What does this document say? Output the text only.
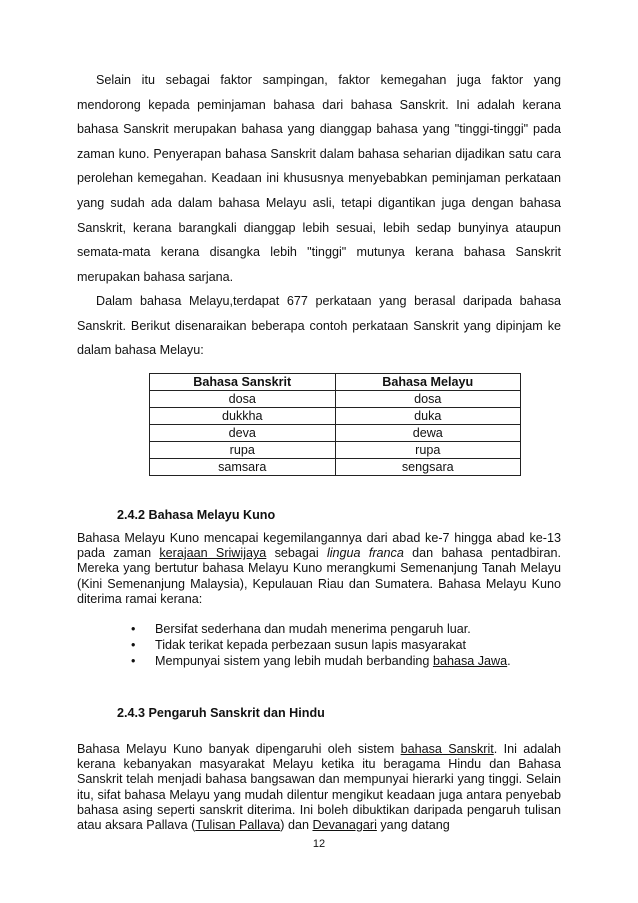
Selain itu sebagai faktor sampingan, faktor kemegahan juga faktor yang mendorong kepada peminjaman bahasa dari bahasa Sanskrit. Ini adalah kerana bahasa Sanskrit merupakan bahasa yang dianggap bahasa yang "tinggi-tinggi" pada zaman kuno. Penyerapan bahasa Sanskrit dalam bahasa seharian dijadikan satu cara perolehan kemegahan. Keadaan ini khususnya menyebabkan peminjaman perkataan yang sudah ada dalam bahasa Melayu asli, tetapi digantikan juga dengan bahasa Sanskrit, kerana barangkali dianggap lebih sesuai, lebih sedap bunyinya ataupun semata-mata kerana disangka lebih "tinggi" mutunya kerana bahasa Sanskrit merupakan bahasa sarjana.

Dalam bahasa Melayu,terdapat 677 perkataan yang berasal daripada bahasa Sanskrit. Berikut disenaraikan beberapa contoh perkataan Sanskrit yang dipinjam ke dalam bahasa Melayu:

Bahasa Sanskrit	Bahasa Melayu
dosa	dosa
dukkha	duka
deva	dewa
rupa	rupa
samsara	sengsara

2.4.2 Bahasa Melayu Kuno

Bahasa Melayu Kuno mencapai kegemilangannya dari abad ke-7 hingga abad ke-13 pada zaman kerajaan Sriwijaya sebagai lingua franca dan bahasa pentadbiran. Mereka yang bertutur bahasa Melayu Kuno merangkumi Semenanjung Tanah Melayu (Kini Semenanjung Malaysia), Kepulauan Riau dan Sumatera. Bahasa Melayu Kuno diterima ramai kerana:

• Bersifat sederhana dan mudah menerima pengaruh luar.
• Tidak terikat kepada perbezaan susun lapis masyarakat
• Mempunyai sistem yang lebih mudah berbanding bahasa Jawa.

2.4.3 Pengaruh Sanskrit dan Hindu

Bahasa Melayu Kuno banyak dipengaruhi oleh sistem bahasa Sanskrit. Ini adalah kerana kebanyakan masyarakat Melayu ketika itu beragama Hindu dan Bahasa Sanskrit telah menjadi bahasa bangsawan dan mempunyai hierarki yang tinggi. Selain itu, sifat bahasa Melayu yang mudah dilentur mengikut keadaan juga antara penyebab bahasa asing seperti sanskrit diterima. Ini boleh dibuktikan daripada pengaruh tulisan atau aksara Pallava (Tulisan Pallava) dan Devanagari yang datang

12
